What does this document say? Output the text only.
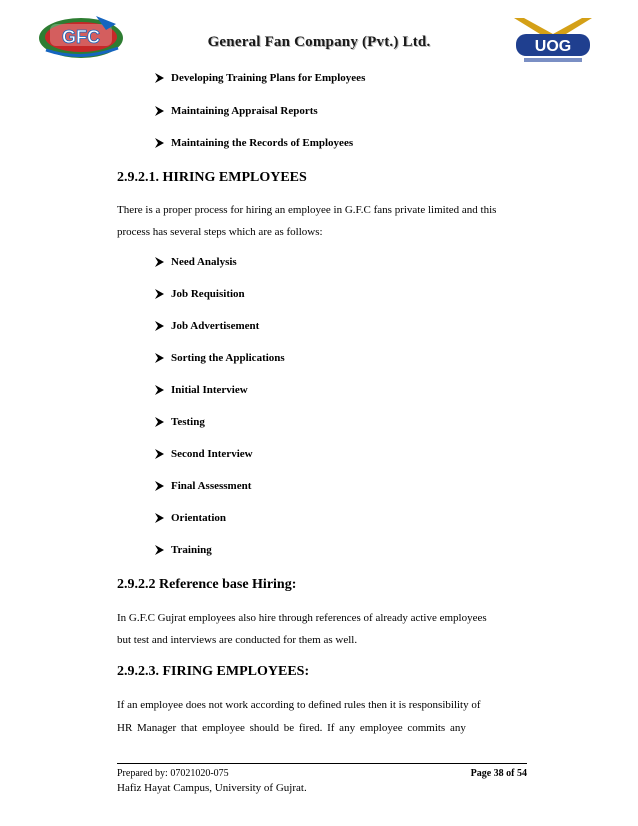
GFC	General Fan Company (Pvt.) Ltd.	UOG
Developing Training Plans for Employees
Maintaining Appraisal Reports
Maintaining the Records of Employees
2.9.2.1. HIRING EMPLOYEES
There is a proper process for hiring an employee in G.F.C fans private limited and this
process has several steps which are as follows:
Need Analysis
Job Requisition
Job Advertisement
Sorting the Applications
Initial Interview
Testing
Second Interview
Final Assessment
Orientation
Training
2.9.2.2 Reference base Hiring:
In G.F.C Gujrat employees also hire through references of already active employees
but test and interviews are conducted for them as well.
2.9.2.3. FIRING EMPLOYEES:
If an employee does not work according to defined rules then it is responsibility of
HR Manager that employee should be fired. If any employee commits any
Prepared by: 07021020-075
Hafiz Hayat Campus, University of Gujrat.
Page 38 of 54
